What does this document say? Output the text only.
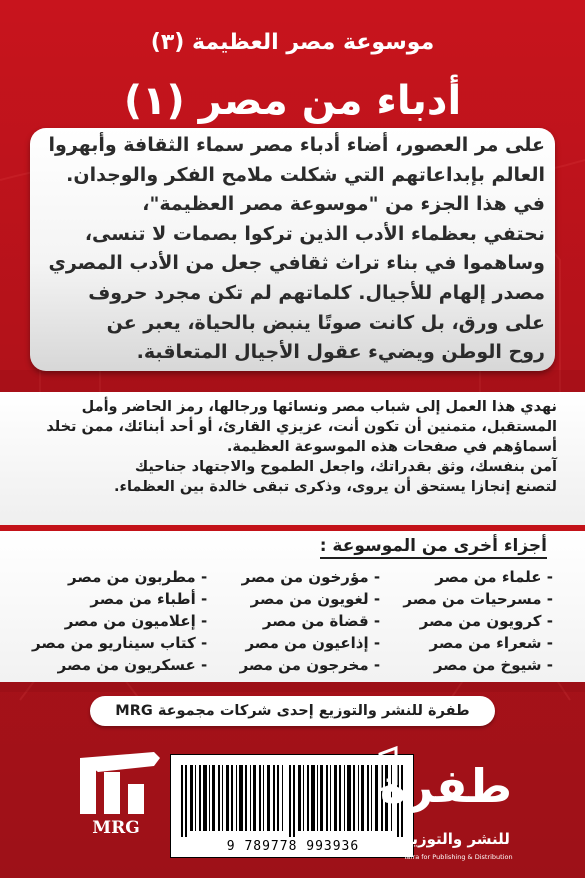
موسوعة مصر العظيمة (٣)
أدباء من مصر (١)

على مر العصور، أضاء أدباء مصر سماء الثقافة وأبهروا

العالم بإبداعاتهم التي شكلت ملامح الفكر والوجدان.

في هذا الجزء من "موسوعة مصر العظيمة"،

نحتفي بعظماء الأدب الذين تركوا بصمات لا تنسى،

وساهموا في بناء تراث ثقافي جعل من الأدب المصري

مصدر إلهام للأجيال. كلماتهم لم تكن مجرد حروف

على ورق، بل كانت صوتًا ينبض بالحياة، يعبر عن

روح الوطن ويضيء عقول الأجيال المتعاقبة.

نهدي هذا العمل إلى شباب مصر ونسائها ورجالها، رمز الحاضر وأمل

المستقبل، متمنين أن تكون أنت، عزيزي القارئ، أو أحد أبنائك، ممن تخلد

أسماؤهم في صفحات هذه الموسوعة العظيمة.

آمن بنفسك، وثق بقدراتك، واجعل الطموح والاجتهاد جناحيك

لتصنع إنجازا يستحق أن يروى، وذكرى تبقى خالدة بين العظماء.

أجزاء أخرى من الموسوعة :
- علماء من مصر
- مسرحيات من مصر
- كرويون من مصر
- شعراء من مصر
- شيوخ من مصر
- مؤرخون من مصر
- لغويون من مصر
- قضاة من مصر
- إذاعيون من مصر
- مخرجون من مصر
- مطربون من مصر
- أطباء من مصر
- إعلاميون من مصر
- كتاب سيناريو من مصر
- عسكريون من مصر
طفرة للنشر والتوزيع إحدى شركات مجموعة MRG
MRG
9 789778 993936
طفرة
للنشر والتوزيع
Tafra for Publishing & Distribution
